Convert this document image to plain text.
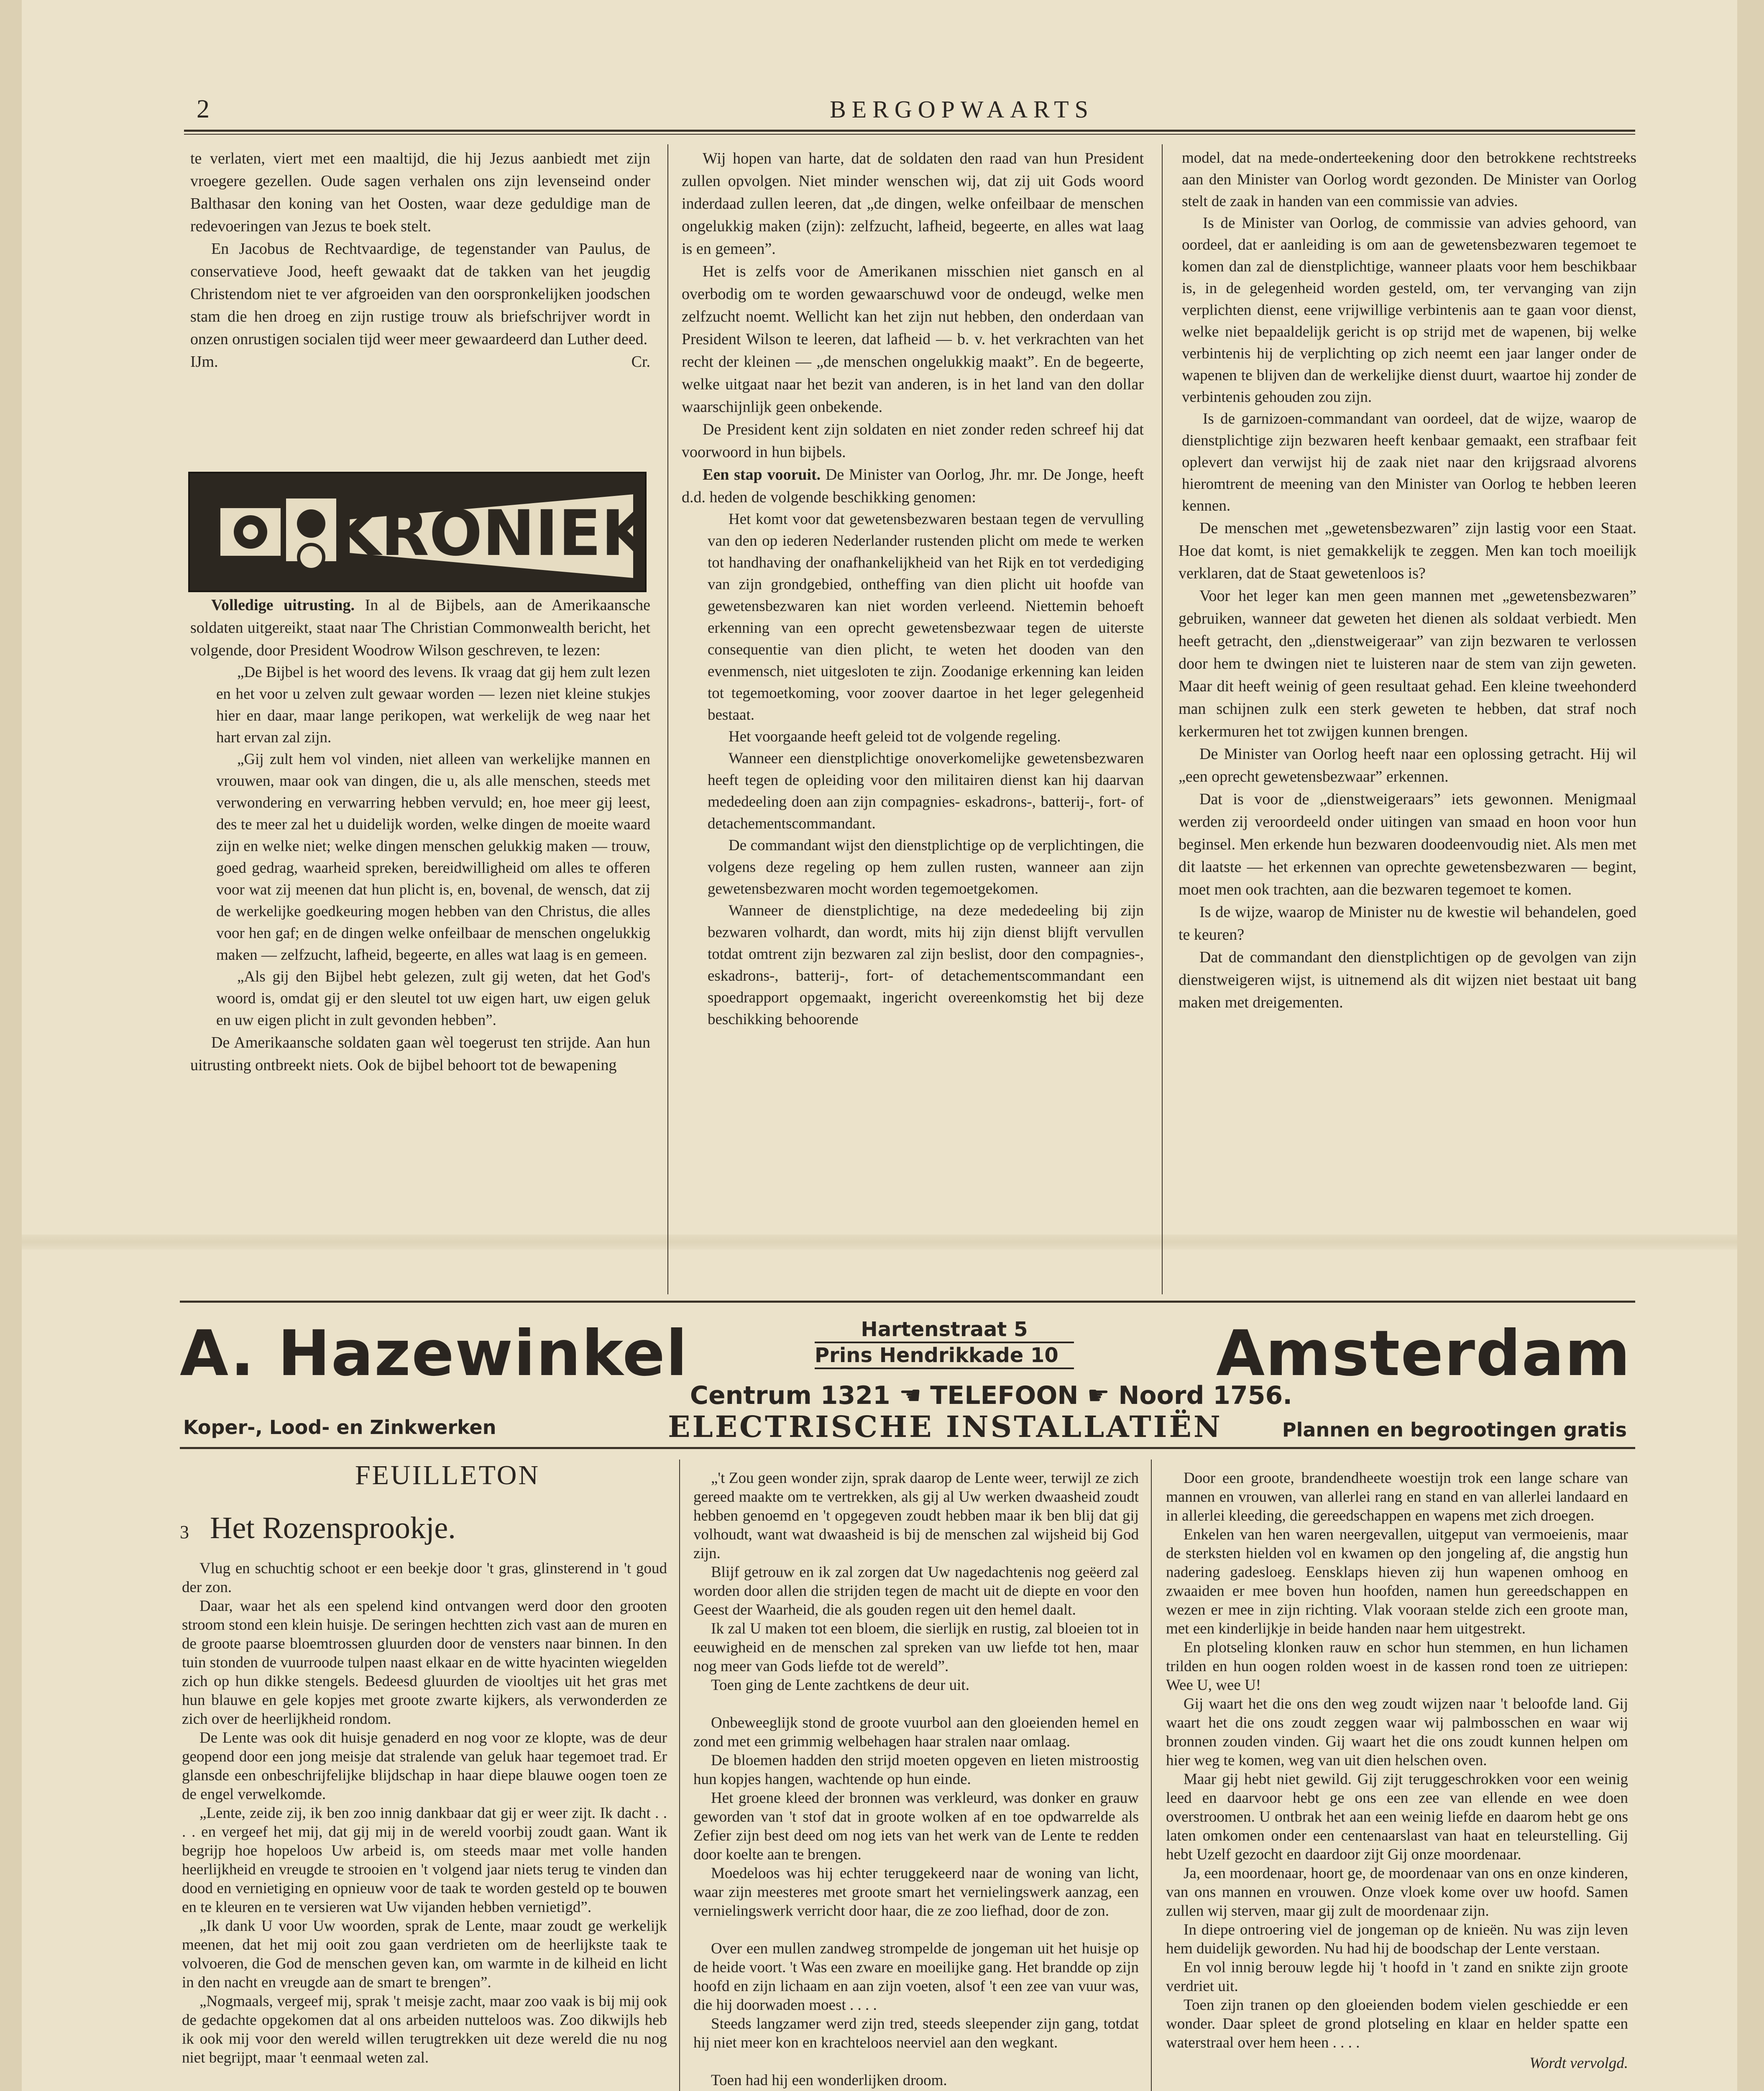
2	BERGOPWAARTS

te verlaten, viert met een maaltijd, die hij Jezus aanbiedt met zijn vroegere gezellen. Oude sagen verhalen ons zijn levenseind onder Balthasar den koning van het Oosten, waar deze geduldige man de redevoeringen van Jezus te boek stelt.

En Jacobus de Rechtvaardige, de tegenstander van Paulus, de conservatieve Jood, heeft gewaakt dat de takken van het jeugdig Christendom niet te ver afgroeiden van den oorspronkelijken joodschen stam die hen droeg en zijn rustige trouw als briefschrijver wordt in onzen onrustigen socialen tijd weer meer gewaardeerd dan Luther deed.

IJm.	Cr.
KRONIEK

Volledige uitrusting. In al de Bijbels, aan de Amerikaansche soldaten uitgereikt, staat naar The Christian Commonwealth bericht, het volgende, door President Woodrow Wilson geschreven, te lezen:

„De Bijbel is het woord des levens. Ik vraag dat gij hem zult lezen en het voor u zelven zult gewaar worden — lezen niet kleine stukjes hier en daar, maar lange perikopen, wat werkelijk de weg naar het hart ervan zal zijn.

„Gij zult hem vol vinden, niet alleen van werkelijke mannen en vrouwen, maar ook van dingen, die u, als alle menschen, steeds met verwondering en verwarring hebben vervuld; en, hoe meer gij leest, des te meer zal het u duidelijk worden, welke dingen de moeite waard zijn en welke niet; welke dingen menschen gelukkig maken — trouw, goed gedrag, waarheid spreken, bereidwilligheid om alles te offeren voor wat zij meenen dat hun plicht is, en, bovenal, de wensch, dat zij de werkelijke goedkeuring mogen hebben van den Christus, die alles voor hen gaf; en de dingen welke onfeilbaar de menschen ongelukkig maken — zelfzucht, lafheid, begeerte, en alles wat laag is en gemeen.

„Als gij den Bijbel hebt gelezen, zult gij weten, dat het God's woord is, omdat gij er den sleutel tot uw eigen hart, uw eigen geluk en uw eigen plicht in zult gevonden hebben”.

De Amerikaansche soldaten gaan wèl toegerust ten strijde. Aan hun uitrusting ontbreekt niets. Ook de bijbel behoort tot de bewapening

Wij hopen van harte, dat de soldaten den raad van hun President zullen opvolgen. Niet minder wenschen wij, dat zij uit Gods woord inderdaad zullen leeren, dat „de dingen, welke onfeilbaar de menschen ongelukkig maken (zijn): zelfzucht, lafheid, begeerte, en alles wat laag is en gemeen”.

Het is zelfs voor de Amerikanen misschien niet gansch en al overbodig om te worden gewaarschuwd voor de ondeugd, welke men zelfzucht noemt. Wellicht kan het zijn nut hebben, den onderdaan van President Wilson te leeren, dat lafheid — b. v. het verkrachten van het recht der kleinen — „de menschen ongelukkig maakt”. En de begeerte, welke uitgaat naar het bezit van anderen, is in het land van den dollar waarschijnlijk geen onbekende.

De President kent zijn soldaten en niet zonder reden schreef hij dat voorwoord in hun bijbels.

Een stap vooruit. De Minister van Oorlog, Jhr. mr. De Jonge, heeft d.d. heden de volgende beschikking genomen:

Het komt voor dat gewetensbezwaren bestaan tegen de vervulling van den op iederen Nederlander rustenden plicht om mede te werken tot handhaving der onafhankelijkheid van het Rijk en tot verdediging van zijn grondgebied, ontheffing van dien plicht uit hoofde van gewetensbezwaren kan niet worden verleend. Niettemin behoeft erkenning van een oprecht gewetensbezwaar tegen de uiterste consequentie van dien plicht, te weten het dooden van den evenmensch, niet uitgesloten te zijn. Zoodanige erkenning kan leiden tot tegemoetkoming, voor zoover daartoe in het leger gelegenheid bestaat.

Het voorgaande heeft geleid tot de volgende regeling.

Wanneer een dienstplichtige onoverkomelijke gewetensbezwaren heeft tegen de opleiding voor den militairen dienst kan hij daarvan mededeeling doen aan zijn compagnies- eskadrons-, batterij-, fort- of detachementscommandant.

De commandant wijst den dienstplichtige op de verplichtingen, die volgens deze regeling op hem zullen rusten, wanneer aan zijn gewetensbezwaren mocht worden tegemoetgekomen.

Wanneer de dienstplichtige, na deze mededeeling bij zijn bezwaren volhardt, dan wordt, mits hij zijn dienst blijft vervullen totdat omtrent zijn bezwaren zal zijn beslist, door den compagnies-, eskadrons-, batterij-, fort- of detachementscommandant een spoedrapport opgemaakt, ingericht overeenkomstig het bij deze beschikking behoorende

model, dat na mede-onderteekening door den betrokkene rechtstreeks aan den Minister van Oorlog wordt gezonden. De Minister van Oorlog stelt de zaak in handen van een commissie van advies.

Is de Minister van Oorlog, de commissie van advies gehoord, van oordeel, dat er aanleiding is om aan de gewetensbezwaren tegemoet te komen dan zal de dienstplichtige, wanneer plaats voor hem beschikbaar is, in de gelegenheid worden gesteld, om, ter vervanging van zijn verplichten dienst, eene vrijwillige verbintenis aan te gaan voor dienst, welke niet bepaaldelijk gericht is op strijd met de wapenen, bij welke verbintenis hij de verplichting op zich neemt een jaar langer onder de wapenen te blijven dan de werkelijke dienst duurt, waartoe hij zonder de verbintenis gehouden zou zijn.

Is de garnizoen-commandant van oordeel, dat de wijze, waarop de dienstplichtige zijn bezwaren heeft kenbaar gemaakt, een strafbaar feit oplevert dan verwijst hij de zaak niet naar den krijgsraad alvorens hieromtrent de meening van den Minister van Oorlog te hebben leeren kennen.

De menschen met „gewetensbezwaren” zijn lastig voor een Staat. Hoe dat komt, is niet gemakkelijk te zeggen. Men kan toch moeilijk verklaren, dat de Staat gewetenloos is?

Voor het leger kan men geen mannen met „gewetensbezwaren” gebruiken, wanneer dat geweten het dienen als soldaat verbiedt. Men heeft getracht, den „dienstweigeraar” van zijn bezwaren te verlossen door hem te dwingen niet te luisteren naar de stem van zijn geweten. Maar dit heeft weinig of geen resultaat gehad. Een kleine tweehonderd man schijnen zulk een sterk geweten te hebben, dat straf noch kerkermuren het tot zwijgen kunnen brengen.

De Minister van Oorlog heeft naar een oplossing getracht. Hij wil „een oprecht gewetensbezwaar” erkennen.

Dat is voor de „dienstweigeraars” iets gewonnen. Menigmaal werden zij veroordeeld onder uitingen van smaad en hoon voor hun beginsel. Men erkende hun bezwaren doodeenvoudig niet. Als men met dit laatste — het erkennen van oprechte gewetensbezwaren — begint, moet men ook trachten, aan die bezwaren tegemoet te komen.

Is de wijze, waarop de Minister nu de kwestie wil behandelen, goed te keuren?

Dat de commandant den dienstplichtigen op de gevolgen van zijn dienstweigeren wijst, is uitnemend als dit wijzen niet bestaat uit bang maken met dreigementen.

A. Hazewinkel	Hartenstraat 5
Prins Hendrikkade 10	Amsterdam
Centrum 1321 ☚ TELEFOON ☛ Noord 1756.
Koper-, Lood- en Zinkwerken	ELECTRISCHE INSTALLATIËN	Plannen en begrootingen gratis
FEUILLETON
3 Het Rozensprookje.

Vlug en schuchtig schoot er een beekje door 't gras, glinsterend in 't goud der zon.

Daar, waar het als een spelend kind ontvangen werd door den grooten stroom stond een klein huisje. De seringen hechtten zich vast aan de muren en de groote paarse bloemtrossen gluurden door de vensters naar binnen. In den tuin stonden de vuurroode tulpen naast elkaar en de witte hyacinten wiegelden zich op hun dikke stengels. Bedeesd gluurden de viooltjes uit het gras met hun blauwe en gele kopjes met groote zwarte kijkers, als verwonderden ze zich over de heerlijkheid rondom.

De Lente was ook dit huisje genaderd en nog voor ze klopte, was de deur geopend door een jong meisje dat stralende van geluk haar tegemoet trad. Er glansde een onbeschrijfelijke blijdschap in haar diepe blauwe oogen toen ze de engel verwelkomde.

„Lente, zeide zij, ik ben zoo innig dankbaar dat gij er weer zijt. Ik dacht . . . . en vergeef het mij, dat gij mij in de wereld voorbij zoudt gaan. Want ik begrijp hoe hopeloos Uw arbeid is, om steeds maar met volle handen heerlijkheid en vreugde te strooien en 't volgend jaar niets terug te vinden dan dood en vernietiging en opnieuw voor de taak te worden gesteld op te bouwen en te kleuren en te versieren wat Uw vijanden hebben vernietigd”.

„Ik dank U voor Uw woorden, sprak de Lente, maar zoudt ge werkelijk meenen, dat het mij ooit zou gaan verdrieten om de heerlijkste taak te volvoeren, die God de menschen geven kan, om warmte in de kilheid en licht in den nacht en vreugde aan de smart te brengen”.

„Nogmaals, vergeef mij, sprak 't meisje zacht, maar zoo vaak is bij mij ook de gedachte opgekomen dat al ons arbeiden nutteloos was. Zoo dikwijls heb ik ook mij voor den wereld willen terugtrekken uit deze wereld die nu nog niet begrijpt, maar 't eenmaal weten zal.

„'t Zou geen wonder zijn, sprak daarop de Lente weer, terwijl ze zich gereed maakte om te vertrekken, als gij al Uw werken dwaasheid zoudt hebben genoemd en 't opgegeven zoudt hebben maar ik ben blij dat gij volhoudt, want wat dwaasheid is bij de menschen zal wijsheid bij God zijn.

Blijf getrouw en ik zal zorgen dat Uw nagedachtenis nog geëerd zal worden door allen die strijden tegen de macht uit de diepte en voor den Geest der Waarheid, die als gouden regen uit den hemel daalt.

Ik zal U maken tot een bloem, die sierlijk en rustig, zal bloeien tot in eeuwigheid en de menschen zal spreken van uw liefde tot hen, maar nog meer van Gods liefde tot de wereld”.

Toen ging de Lente zachtkens de deur uit.

Onbeweeglijk stond de groote vuurbol aan den gloeienden hemel en zond met een grimmig welbehagen haar stralen naar omlaag.

De bloemen hadden den strijd moeten opgeven en lieten mistroostig hun kopjes hangen, wachtende op hun einde.

Het groene kleed der bronnen was verkleurd, was donker en grauw geworden van 't stof dat in groote wolken af en toe opdwarrelde als Zefier zijn best deed om nog iets van het werk van de Lente te redden door koelte aan te brengen.

Moedeloos was hij echter teruggekeerd naar de woning van licht, waar zijn meesteres met groote smart het vernielingswerk aanzag, een vernielingswerk verricht door haar, die ze zoo liefhad, door de zon.

Over een mullen zandweg strompelde de jongeman uit het huisje op de heide voort. 't Was een zware en moeilijke gang. Het brandde op zijn hoofd en zijn lichaam en aan zijn voeten, alsof 't een zee van vuur was, die hij doorwaden moest . . . .

Steeds langzamer werd zijn tred, steeds sleepender zijn gang, totdat hij niet meer kon en krachteloos neerviel aan den wegkant.

Toen had hij een wonderlijken droom.

Door een groote, brandendheete woestijn trok een lange schare van mannen en vrouwen, van allerlei rang en stand en van allerlei landaard en in allerlei kleeding, die gereedschappen en wapens met zich droegen.

Enkelen van hen waren neergevallen, uitgeput van vermoeienis, maar de sterksten hielden vol en kwamen op den jongeling af, die angstig hun nadering gadesloeg. Eensklaps hieven zij hun wapenen omhoog en zwaaiden er mee boven hun hoofden, namen hun gereedschappen en wezen er mee in zijn richting. Vlak vooraan stelde zich een groote man, met een kinderlijkje in beide handen naar hem uitgestrekt.

En plotseling klonken rauw en schor hun stemmen, en hun lichamen trilden en hun oogen rolden woest in de kassen rond toen ze uitriepen: Wee U, wee U!

Gij waart het die ons den weg zoudt wijzen naar 't beloofde land. Gij waart het die ons zoudt zeggen waar wij palmbosschen en waar wij bronnen zouden vinden. Gij waart het die ons zoudt kunnen helpen om hier weg te komen, weg van uit dien helschen oven.

Maar gij hebt niet gewild. Gij zijt teruggeschrokken voor een weinig leed en daarvoor hebt ge ons een zee van ellende en wee doen overstroomen. U ontbrak het aan een weinig liefde en daarom hebt ge ons laten omkomen onder een centenaarslast van haat en teleurstelling. Gij hebt Uzelf gezocht en daardoor zijt Gij onze moordenaar.

Ja, een moordenaar, hoort ge, de moordenaar van ons en onze kinderen, van ons mannen en vrouwen. Onze vloek kome over uw hoofd. Samen zullen wij sterven, maar gij zult de moordenaar zijn.

In diepe ontroering viel de jongeman op de knieën. Nu was zijn leven hem duidelijk geworden. Nu had hij de boodschap der Lente verstaan.

En vol innig berouw legde hij 't hoofd in 't zand en snikte zijn groote verdriet uit.

Toen zijn tranen op den gloeienden bodem vielen geschiedde er een wonder. Daar spleet de grond plotseling en klaar en helder spatte een waterstraal over hem heen . . . .

Wordt vervolgd.
